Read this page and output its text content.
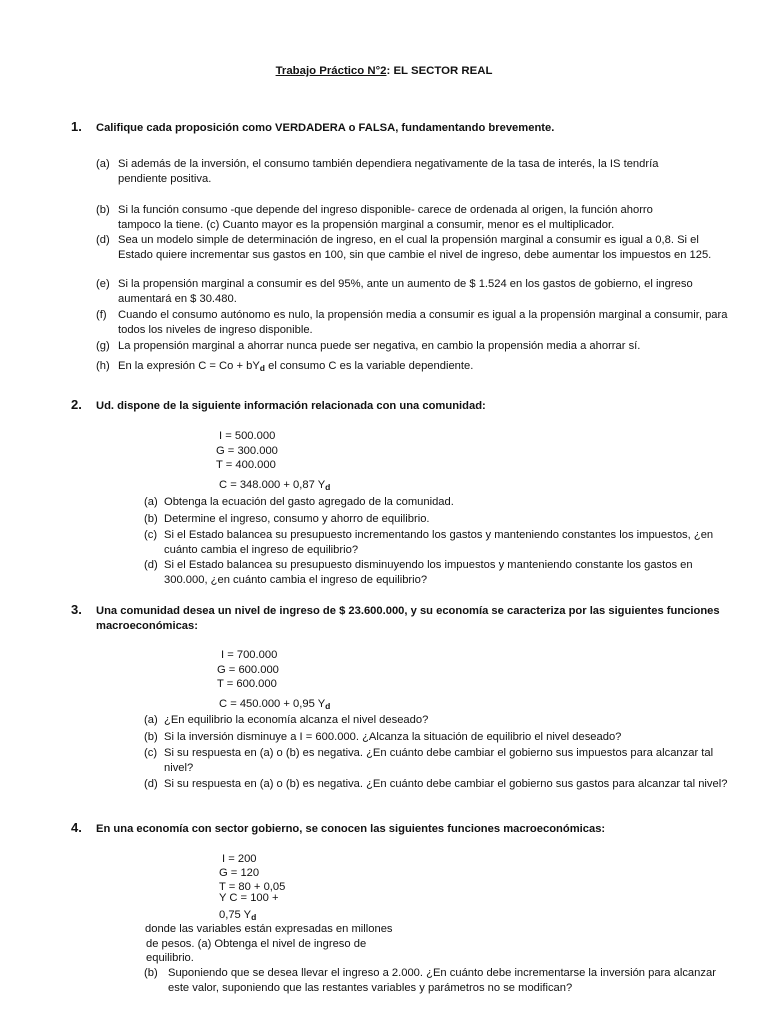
Trabajo Práctico N°2: EL SECTOR REAL
1. Califique cada proposición como VERDADERA o FALSA, fundamentando brevemente.
(a) Si además de la inversión, el consumo también dependiera negativamente de la tasa de interés, la IS tendría pendiente positiva.
(b) Si la función consumo -que depende del ingreso disponible- carece de ordenada al origen, la función ahorro tampoco la tiene. (c) Cuanto mayor es la propensión marginal a consumir, menor es el multiplicador.
(d) Sea un modelo simple de determinación de ingreso, en el cual la propensión marginal a consumir es igual a 0,8. Si el Estado quiere incrementar sus gastos en 100, sin que cambie el nivel de ingreso, debe aumentar los impuestos en 125.
(e) Si la propensión marginal a consumir es del 95%, ante un aumento de $ 1.524 en los gastos de gobierno, el ingreso aumentará en $ 30.480.
(f)	Cuando el consumo autónomo es nulo, la propensión media a consumir es igual a la propensión marginal a consumir, para todos los niveles de ingreso disponible.
(g) La propensión marginal a ahorrar nunca puede ser negativa, en cambio la propensión media a ahorrar sí.
(h) En la expresión $C = Co + bY_d$ el consumo C es la variable dependiente.
2. Ud. dispone de la siguiente información relacionada con una comunidad:
I = 500.000
G = 300.000
T = 400.000
C = 348.000 + 0,87 $Y_d$
(a) Obtenga la ecuación del gasto agregado de la comunidad.
(b) Determine el ingreso, consumo y ahorro de equilibrio.
(c) Si el Estado balancea su presupuesto incrementando los gastos y manteniendo constantes los impuestos, ¿en cuánto cambia el ingreso de equilibrio?
(d) Si el Estado balancea su presupuesto disminuyendo los impuestos y manteniendo constante los gastos en 300.000, ¿en cuánto cambia el ingreso de equilibrio?
3. Una comunidad desea un nivel de ingreso de $ 23.600.000, y su economía se caracteriza por las siguientes funciones macroeconómicas:
I = 700.000
G = 600.000
T = 600.000
C = 450.000 + 0,95 $Y_d$
(a) ¿En equilibrio la economía alcanza el nivel deseado?
(b) Si la inversión disminuye a I = 600.000. ¿Alcanza la situación de equilibrio el nivel deseado?
(c) Si su respuesta en (a) o (b) es negativa. ¿En cuánto debe cambiar el gobierno sus impuestos para alcanzar tal nivel?
(d) Si su respuesta en (a) o (b) es negativa. ¿En cuánto debe cambiar el gobierno sus gastos para alcanzar tal nivel?
4. En una economía con sector gobierno, se conocen las siguientes funciones macroeconómicas:
I = 200
G = 120
T = 80 + 0,05
Y C = 100 +
0,75 $Y_d$
donde las variables están expresadas en millones
de pesos. (a) Obtenga el nivel de ingreso de
equilibrio.
(b) Suponiendo que se desea llevar el ingreso a 2.000. ¿En cuánto debe incrementarse la inversión para alcanzar este valor, suponiendo que las restantes variables y parámetros no se modifican?
